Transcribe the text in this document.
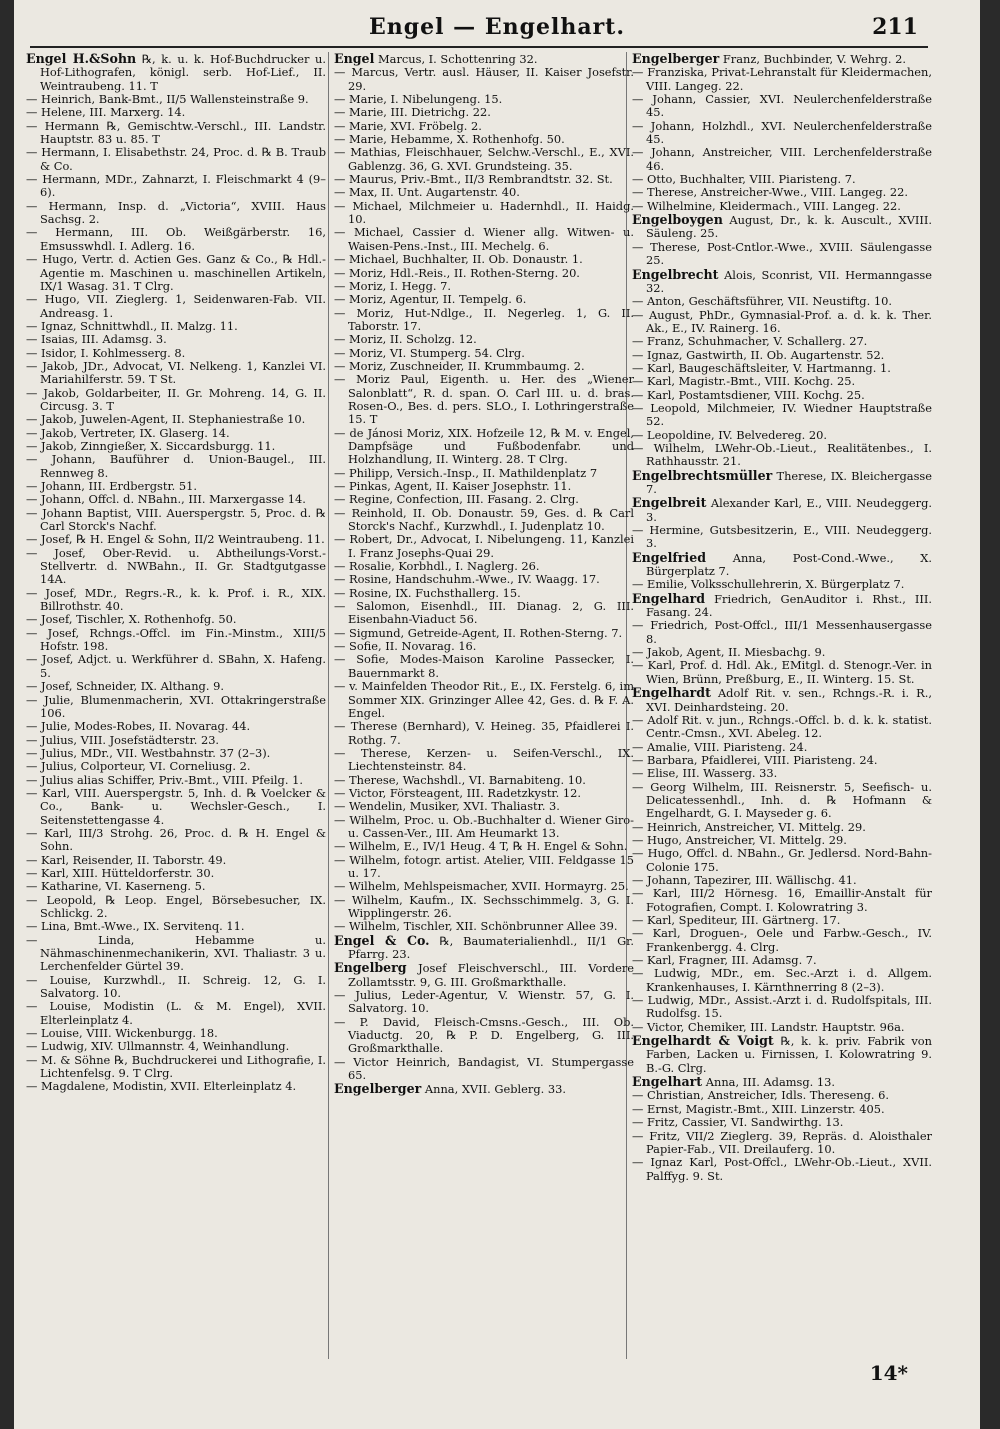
Engel — Engelhart.	211
Engel H.&Sohn ℞, k. u. k. Hof-Buchdrucker u. Hof-Lithografen, königl. serb. Hof-Lief., II. Weintraubeng. 11. T
— Heinrich, Bank-Bmt., II/5 Wallensteinstraße 9.
— Helene, III. Marxerg. 14.
— Hermann ℞, Gemischtw.-Verschl., III. Landstr. Hauptstr. 83 u. 85. T
— Hermann, I. Elisabethstr. 24, Proc. d. ℞ B. Traub & Co.
— Hermann, MDr., Zahnarzt, I. Fleischmarkt 4 (9–6).
— Hermann, Insp. d. „Victoria“, XVIII. Haus Sachsg. 2.
— Hermann, III. Ob. Weißgärberstr. 16, Emsusswhdl. I. Adlerg. 16.
— Hugo, Vertr. d. Actien Ges. Ganz & Co., ℞ Hdl.-Agentie m. Maschinen u. maschinellen Artikeln, IX/1 Wasag. 31. T Clrg.
— Hugo, VII. Zieglerg. 1, Seidenwaren-Fab. VII. Andreasg. 1.
— Ignaz, Schnittwhdl., II. Malzg. 11.
— Isaias, III. Adamsg. 3.
— Isidor, I. Kohlmesserg. 8.
— Jakob, JDr., Advocat, VI. Nelkeng. 1, Kanzlei VI. Mariahilferstr. 59. T St.
— Jakob, Goldarbeiter, II. Gr. Mohreng. 14, G. II. Circusg. 3. T
— Jakob, Juwelen-Agent, II. Stephaniestraße 10.
— Jakob, Vertreter, IX. Glaserg. 14.
— Jakob, Zinngießer, X. Siccardsburgg. 11.
— Johann, Bauführer d. Union-Baugel., III. Rennweg 8.
— Johann, III. Erdbergstr. 51.
— Johann, Offcl. d. NBahn., III. Marxergasse 14.
— Johann Baptist, VIII. Auerspergstr. 5, Proc. d. ℞ Carl Storck's Nachf.
— Josef, ℞ H. Engel & Sohn, II/2 Weintraubeng. 11.
— Josef, Ober-Revid. u. Abtheilungs-Vorst.-Stellvertr. d. NWBahn., II. Gr. Stadtgutgasse 14A.
— Josef, MDr., Regrs.-R., k. k. Prof. i. R., XIX. Billrothstr. 40.
— Josef, Tischler, X. Rothenhofg. 50.
— Josef, Rchngs.-Offcl. im Fin.-Minstm., XIII/5 Hofstr. 198.
— Josef, Adjct. u. Werkführer d. SBahn, X. Hafeng. 5.
— Josef, Schneider, IX. Althang. 9.
— Julie, Blumenmacherin, XVI. Ottakringerstraße 106.
— Julie, Modes-Robes, II. Novarag. 44.
— Julius, VIII. Josefstädterstr. 23.
— Julius, MDr., VII. Westbahnstr. 37 (2–3).
— Julius, Colporteur, VI. Corneliusg. 2.
— Julius alias Schiffer, Priv.-Bmt., VIII. Pfeilg. 1.
— Karl, VIII. Auerspergstr. 5, Inh. d. ℞ Voelcker & Co., Bank- u. Wechsler-Gesch., I. Seitenstettengasse 4.
— Karl, III/3 Strohg. 26, Proc. d. ℞ H. Engel & Sohn.
— Karl, Reisender, II. Taborstr. 49.
— Karl, XIII. Hütteldorferstr. 30.
— Katharine, VI. Kaserneng. 5.
— Leopold, ℞ Leop. Engel, Börsebesucher, IX. Schlickg. 2.
— Lina, Bmt.-Wwe., IX. Servitenq. 11.
— Linda, Hebamme u. Nähmaschinenmechanikerin, XVI. Thaliastr. 3 u. Lerchenfelder Gürtel 39.
— Louise, Kurzwhdl., II. Schreig. 12, G. I. Salvatorg. 10.
— Louise, Modistin (L. & M. Engel), XVII. Elterleinplatz 4.
— Louise, VIII. Wickenburgg. 18.
— Ludwig, XIV. Ullmannstr. 4, Weinhandlung.
— M. & Söhne ℞, Buchdruckerei und Lithografie, I. Lichtenfelsg. 9. T Clrg.
— Magdalene, Modistin, XVII. Elterleinplatz 4.
Engel Marcus, I. Schottenring 32.
— Marcus, Vertr. ausl. Häuser, II. Kaiser Josefstr. 29.
— Marie, I. Nibelungeng. 15.
— Marie, III. Dietrichg. 22.
— Marie, XVI. Fröbelg. 2.
— Marie, Hebamme, X. Rothenhofg. 50.
— Mathias, Fleischhauer, Selchw.-Verschl., E., XVI. Gablenzg. 36, G. XVI. Grundsteing. 35.
— Maurus, Priv.-Bmt., II/3 Rembrandtstr. 32. St.
— Max, II. Unt. Augartenstr. 40.
— Michael, Milchmeier u. Hadernhdl., II. Haidg. 10.
— Michael, Cassier d. Wiener allg. Witwen- u. Waisen-Pens.-Inst., III. Mechelg. 6.
— Michael, Buchhalter, II. Ob. Donaustr. 1.
— Moriz, Hdl.-Reis., II. Rothen-Sterng. 20.
— Moriz, I. Hegg. 7.
— Moriz, Agentur, II. Tempelg. 6.
— Moriz, Hut-Ndlge., II. Negerleg. 1, G. II. Taborstr. 17.
— Moriz, II. Scholzg. 12.
— Moriz, VI. Stumperg. 54. Clrg.
— Moriz, Zuschneider, II. Krummbaumg. 2.
— Moriz Paul, Eigenth. u. Her. des „Wiener Salonblatt“, R. d. span. O. Carl III. u. d. bras. Rosen-O., Bes. d. pers. SLO., I. Lothringerstraße 15. T
— de Jánosi Moriz, XIX. Hofzeile 12, ℞ M. v. Engel, Dampfsäge und Fußbodenfabr. und Holzhandlung, II. Winterg. 28. T Clrg.
— Philipp, Versich.-Insp., II. Mathildenplatz 7
— Pinkas, Agent, II. Kaiser Josephstr. 11.
— Regine, Confection, III. Fasang. 2. Clrg.
— Reinhold, II. Ob. Donaustr. 59, Ges. d. ℞ Carl Storck's Nachf., Kurzwhdl., I. Judenplatz 10.
— Robert, Dr., Advocat, I. Nibelungeng. 11, Kanzlei I. Franz Josephs-Quai 29.
— Rosalie, Korbhdl., I. Naglerg. 26.
— Rosine, Handschuhm.-Wwe., IV. Waagg. 17.
— Rosine, IX. Fuchsthallerg. 15.
— Salomon, Eisenhdl., III. Dianag. 2, G. III. Eisenbahn-Viaduct 56.
— Sigmund, Getreide-Agent, II. Rothen-Sterng. 7.
— Sofie, II. Novarag. 16.
— Sofie, Modes-Maison Karoline Passecker, I. Bauernmarkt 8.
— v. Mainfelden Theodor Rit., E., IX. Ferstelg. 6, im Sommer XIX. Grinzinger Allee 42, Ges. d. ℞ F. A. Engel.
— Therese (Bernhard), V. Heineg. 35, Pfaidlerei I. Rothg. 7.
— Therese, Kerzen- u. Seifen-Verschl., IX. Liechtensteinstr. 84.
— Therese, Wachshdl., VI. Barnabiteng. 10.
— Victor, Försteagent, III. Radetzkystr. 12.
— Wendelin, Musiker, XVI. Thaliastr. 3.
— Wilhelm, Proc. u. Ob.-Buchhalter d. Wiener Giro- u. Cassen-Ver., III. Am Heumarkt 13.
— Wilhelm, E., IV/1 Heug. 4 T, ℞ H. Engel & Sohn.
— Wilhelm, fotogr. artist. Atelier, VIII. Feldgasse 15 u. 17.
— Wilhelm, Mehlspeismacher, XVII. Hormayrg. 25.
— Wilhelm, Kaufm., IX. Sechsschimmelg. 3, G. I. Wipplingerstr. 26.
— Wilhelm, Tischler, XII. Schönbrunner Allee 39.
Engel & Co. ℞, Baumaterialienhdl., II/1 Gr. Pfarrg. 23.
Engelberg Josef Fleischverschl., III. Vordere Zollamtsstr. 9, G. III. Großmarkthalle.
— Julius, Leder-Agentur, V. Wienstr. 57, G. I. Salvatorg. 10.
— P. David, Fleisch-Cmsns.-Gesch., III. Ob. Viaductg. 20, ℞ P. D. Engelberg, G. III. Großmarkthalle.
— Victor Heinrich, Bandagist, VI. Stumpergasse 65.
Engelberger Anna, XVII. Geblerg. 33.
Engelberger Franz, Buchbinder, V. Wehrg. 2.
— Franziska, Privat-Lehranstalt für Kleidermachen, VIII. Langeg. 22.
— Johann, Cassier, XVI. Neulerchenfelderstraße 45.
— Johann, Holzhdl., XVI. Neulerchenfelderstraße 45.
— Johann, Anstreicher, VIII. Lerchenfelderstraße 46.
— Otto, Buchhalter, VIII. Piaristeng. 7.
— Therese, Anstreicher-Wwe., VIII. Langeg. 22.
— Wilhelmine, Kleidermach., VIII. Langeg. 22.
Engelboygen August, Dr., k. k. Auscult., XVIII. Säuleng. 25.
— Therese, Post-Cntlor.-Wwe., XVIII. Säulengasse 25.
Engelbrecht Alois, Sconrist, VII. Hermanngasse 32.
— Anton, Geschäftsführer, VII. Neustiftg. 10.
— August, PhDr., Gymnasial-Prof. a. d. k. k. Ther. Ak., E., IV. Rainerg. 16.
— Franz, Schuhmacher, V. Schallerg. 27.
— Ignaz, Gastwirth, II. Ob. Augartenstr. 52.
— Karl, Baugeschäftsleiter, V. Hartmanng. 1.
— Karl, Magistr.-Bmt., VIII. Kochg. 25.
— Karl, Postamtsdiener, VIII. Kochg. 25.
— Leopold, Milchmeier, IV. Wiedner Hauptstraße 52.
— Leopoldine, IV. Belvedereg. 20.
— Wilhelm, LWehr-Ob.-Lieut., Realitätenbes., I. Rathhausstr. 21.
Engelbrechtsmüller Therese, IX. Bleichergasse 7.
Engelbreit Alexander Karl, E., VIII. Neudeggerg. 3.
— Hermine, Gutsbesitzerin, E., VIII. Neudeggerg. 3.
Engelfried Anna, Post-Cond.-Wwe., X. Bürgerplatz 7.
— Emilie, Volksschullehrerin, X. Bürgerplatz 7.
Engelhard Friedrich, GenAuditor i. Rhst., III. Fasang. 24.
— Friedrich, Post-Offcl., III/1 Messenhausergasse 8.
— Jakob, Agent, II. Miesbachg. 9.
— Karl, Prof. d. Hdl. Ak., EMitgl. d. Stenogr.-Ver. in Wien, Brünn, Preßburg, E., II. Winterg. 15. St.
Engelhardt Adolf Rit. v. sen., Rchngs.-R. i. R., XVI. Deinhardsteing. 20.
— Adolf Rit. v. jun., Rchngs.-Offcl. b. d. k. k. statist. Centr.-Cmsn., XVI. Abeleg. 12.
— Amalie, VIII. Piaristeng. 24.
— Barbara, Pfaidlerei, VIII. Piaristeng. 24.
— Elise, III. Wasserg. 33.
— Georg Wilhelm, III. Reisnerstr. 5, Seefisch- u. Delicatessenhdl., Inh. d. ℞ Hofmann & Engelhardt, G. I. Mayseder g. 6.
— Heinrich, Anstreicher, VI. Mittelg. 29.
— Hugo, Anstreicher, VI. Mittelg. 29.
— Hugo, Offcl. d. NBahn., Gr. Jedlersd. Nord-Bahn-Colonie 175.
— Johann, Tapezirer, III. Wällischg. 41.
— Karl, III/2 Hörnesg. 16, Emaillir-Anstalt für Fotografien, Compt. I. Kolowratring 3.
— Karl, Spediteur, III. Gärtnerg. 17.
— Karl, Droguen-, Oele und Farbw.-Gesch., IV. Frankenbergg. 4. Clrg.
— Karl, Fragner, III. Adamsg. 7.
— Ludwig, MDr., em. Sec.-Arzt i. d. Allgem. Krankenhauses, I. Kärnthnerring 8 (2–3).
— Ludwig, MDr., Assist.-Arzt i. d. Rudolfspitals, III. Rudolfsg. 15.
— Victor, Chemiker, III. Landstr. Hauptstr. 96a.
Engelhardt & Voigt ℞, k. k. priv. Fabrik von Farben, Lacken u. Firnissen, I. Kolowratring 9. B.-G. Clrg.
Engelhart Anna, III. Adamsg. 13.
— Christian, Anstreicher, Idls. Thereseng. 6.
— Ernst, Magistr.-Bmt., XIII. Linzerstr. 405.
— Fritz, Cassier, VI. Sandwirthg. 13.
— Fritz, VII/2 Zieglerg. 39, Repräs. d. Aloisthaler Papier-Fab., VII. Dreilauferg. 10.
— Ignaz Karl, Post-Offcl., LWehr-Ob.-Lieut., XVII. Palffyg. 9. St.
14*
